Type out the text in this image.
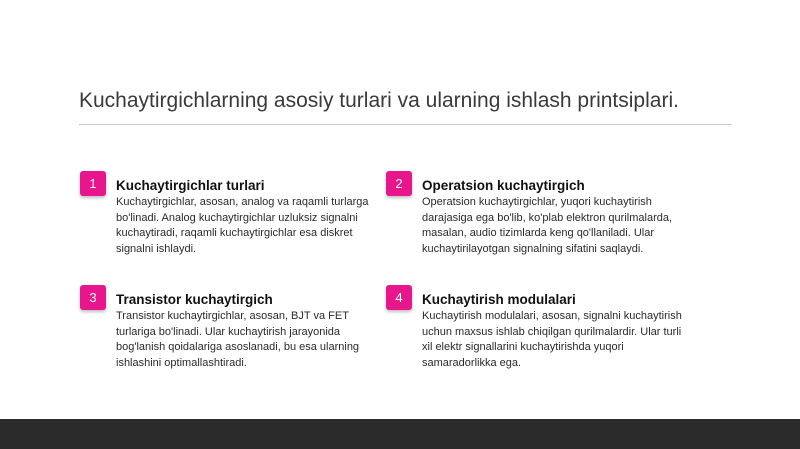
Kuchaytirgichlarning asosiy turlari va ularning ishlash printsiplari.
1	Kuchaytirgichlar turlari
Kuchaytirgichlar, asosan, analog va raqamli turlarga bo'linadi. Analog kuchaytirgichlar uzluksiz signalni kuchaytiradi, raqamli kuchaytirgichlar esa diskret signalni ishlaydi.
2	Operatsion kuchaytirgich
Operatsion kuchaytirgichlar, yuqori kuchaytirish darajasiga ega bo'lib, ko'plab elektron qurilmalarda, masalan, audio tizimlarda keng qo'llaniladi. Ular kuchaytirilayotgan signalning sifatini saqlaydi.
3	Transistor kuchaytirgich
Transistor kuchaytirgichlar, asosan, BJT va FET turlariga bo'linadi. Ular kuchaytirish jarayonida bog'lanish qoidalariga asoslanadi, bu esa ularning ishlashini optimallashtiradi.
4	Kuchaytirish modulalari
Kuchaytirish modulalari, asosan, signalni kuchaytirish uchun maxsus ishlab chiqilgan qurilmalardir. Ular turli xil elektr signallarini kuchaytirishda yuqori samaradorlikka ega.
